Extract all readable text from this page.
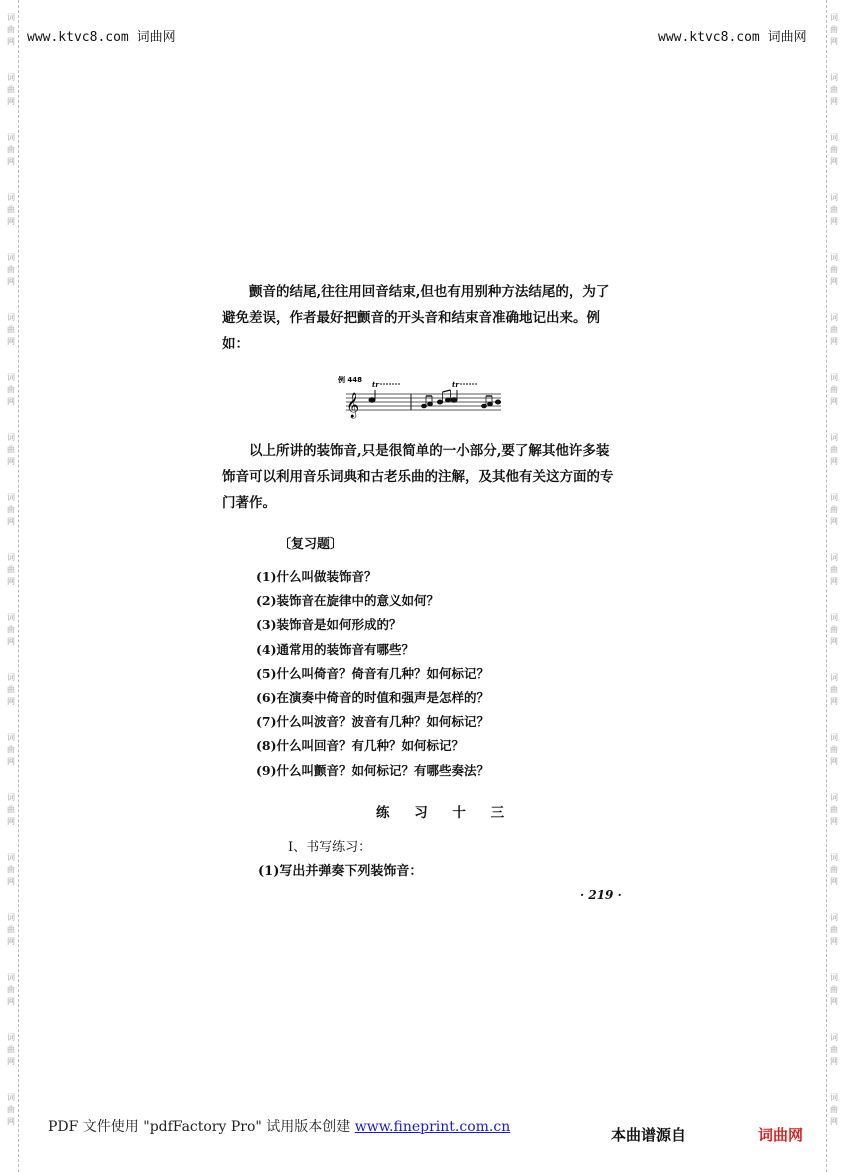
词
曲
网
词
曲
网
词
曲
网
词
曲
网
词
曲
网
词
曲
网
词
曲
网
词
曲
网
词
曲
网
词
曲
网
词
曲
网
词
曲
网
词
曲
网
词
曲
网
词
曲
网
词
曲
网
词
曲
网
词
曲
网
词
曲
网
词
曲
网
词
曲
网
词
曲
网
词
曲
网
词
曲
网
词
曲
网
词
曲
网
词
曲
网
词
曲
网
词
曲
网
词
曲
网
词
曲
网
词
曲
网
词
曲
网
词
曲
网
词
曲
网
词
曲
网
词
曲
网
词
曲
网
www.ktvc8.com 词曲网	www.ktvc8.com 词曲网

颤音的结尾,往往用回音结束,但也有用别种方法结尾的，为了避免差误，作者最好把颤音的开头音和结束音准确地记出来。例如：

例 448 tr	tr
𝄞

以上所讲的装饰音,只是很简单的一小部分,要了解其他许多装饰音可以利用音乐词典和古老乐曲的注解，及其他有关这方面的专门著作。

〔复习题〕
(1)什么叫做装饰音？
(2)装饰音在旋律中的意义如何？
(3)装饰音是如何形成的？
(4)通常用的装饰音有哪些？
(5)什么叫倚音？倚音有几种？如何标记？
(6)在演奏中倚音的时值和强声是怎样的？
(7)什么叫波音？波音有几种？如何标记？
(8)什么叫回音？有几种？如何标记？
(9)什么叫颤音？如何标记？有哪些奏法？
练 习 十 三
Ⅰ、书写练习：
(1)写出并弹奏下列装饰音：
· 219 ·
PDF 文件使用 "pdfFactory Pro" 试用版本创建 www.fineprint.com.cn	本曲谱源自	词曲网
